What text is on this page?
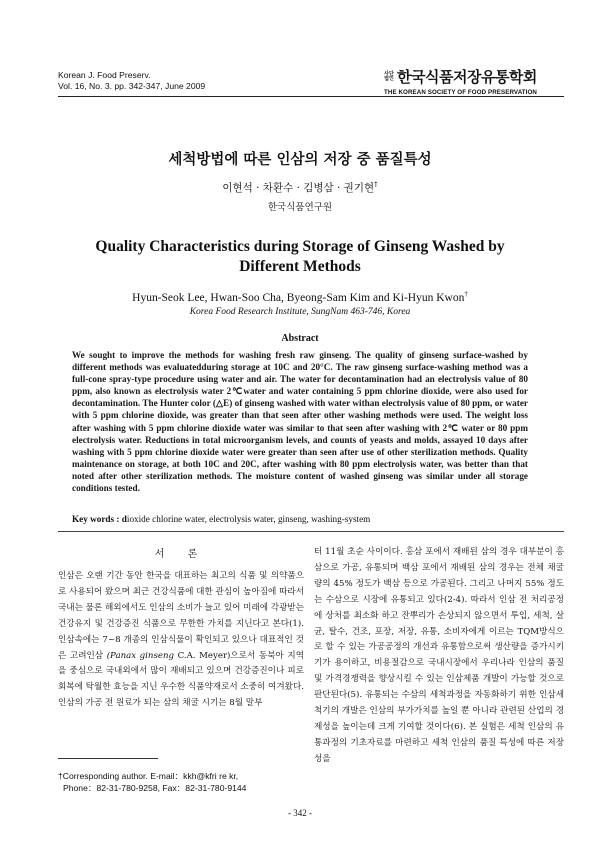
Korean J. Food Preserv.
Vol. 16, No. 3. pp. 342-347, June 2009
사단법인 한국식품저장유통학회
THE KOREAN SOCIETY OF FOOD PRESERVATION
세척방법에 따른 인삼의 저장 중 품질특성
이현석 · 차환수 · 김병삼 · 권기현†
한국식품연구원
Quality Characteristics during Storage of Ginseng Washed by Different Methods
Hyun-Seok Lee, Hwan-Soo Cha, Byeong-Sam Kim and Ki-Hyun Kwon†
Korea Food Research Institute, SungNam 463-746, Korea
Abstract
We sought to improve the methods for washing fresh raw ginseng. The quality of ginseng surface-washed by different methods was evaluatedduring storage at 10C and 20°C. The raw ginseng surface-washing method was a full-cone spray-type procedure using water and air. The water for decontamination had an electrolysis value of 80 ppm, also known as electrolysis water 2℃water and water containing 5 ppm chlorine dioxide, were also used for decontamination. The Hunter color (△E) of ginseng washed with water withan electrolysis value of 80 ppm, or water with 5 ppm chlorine dioxide, was greater than that seen after other washing methods were used. The weight loss after washing with 5 ppm chlorine dioxide water was similar to that seen after washing with 2℃ water or 80 ppm electrolysis water. Reductions in total microorganism levels, and counts of yeasts and molds, assayed 10 days after washing with 5 ppm chlorine dioxide water were greater than seen after use of other sterilization methods. Quality maintenance on storage, at both 10C and 20C, after washing with 80 ppm electrolysis water, was better than that noted after other sterilization methods. The moisture content of washed ginseng was similar under all storage conditions tested.
Key words : dioxide chlorine water, electrolysis water, ginseng, washing-system
서 론
인삼은 오랜 기간 동안 한국을 대표하는 최고의 식품 및 의약품으로 사용되어 왔으며 최근 건강식품에 대한 관심이 높아짐에 따라서 국내는 물론 해외에서도 인삼의 소비가 늘고 있어 미래에 각광받는 건강유지 및 건강증진 식품으로 무한한 가치를 지닌다고 본다(1). 인삼속에는 7~8 개종의 인삼식물이 확인되고 있으나 대표적인 것은 고려인삼 (Panax ginseng C.A. Meyer)으로서 동북아 지역을 중심으로 국내외에서 많이 재배되고 있으며 건강증진이나 피로회복에 탁월한 효능을 지닌 우수한 식품약재로서 소중히 여겨왔다. 인삼의 가공 전 원료가 되는 삼의 채굴 시기는 8월 말부
터 11월 초순 사이이다. 홍삼 포에서 재배된 삼의 경우 대부분이 홍삼으로 가공, 유통되며 백삼 포에서 재배된 삼의 경우는 전체 채굴량의 45% 정도가 백삼 등으로 가공된다. 그리고 나머지 55% 정도는 수삼으로 시장에 유통되고 있다(2-4). 따라서 인삼 전 처리공정에 상처를 최소화 하고 잔뿌리가 손상되지 않으면서 투입, 세척, 살균, 탈수, 건조, 포장, 저장, 유통, 소비자에게 이르는 TQM방식으로 할 수 있는 가공공정의 개선과 유통함으로써 생산량을 증가시키기가 용이하고, 비용절감으로 국내시장에서 우리나라 인삼의 품질 및 가격경쟁력을 향상시킬 수 있는 인삼제품 개발이 가능할 것으로 판단된다(5). 유통되는 수삼의 세척과정을 자동화하기 위한 인삼세척기의 개발은 인삼의 부가가치를 높일 뿐 아니라 관련된 산업의 경제성을 높이는데 크게 기여할 것이다(6). 본 실험은 세척 인삼의 유통과정의 기초자료를 마련하고 세척 인삼의 품질 특성에 따른 저장성을
†Corresponding author. E-mail：kkh@kfri re kr,
Phone：82-31-780-9258, Fax：82-31-780-9144
- 342 -
